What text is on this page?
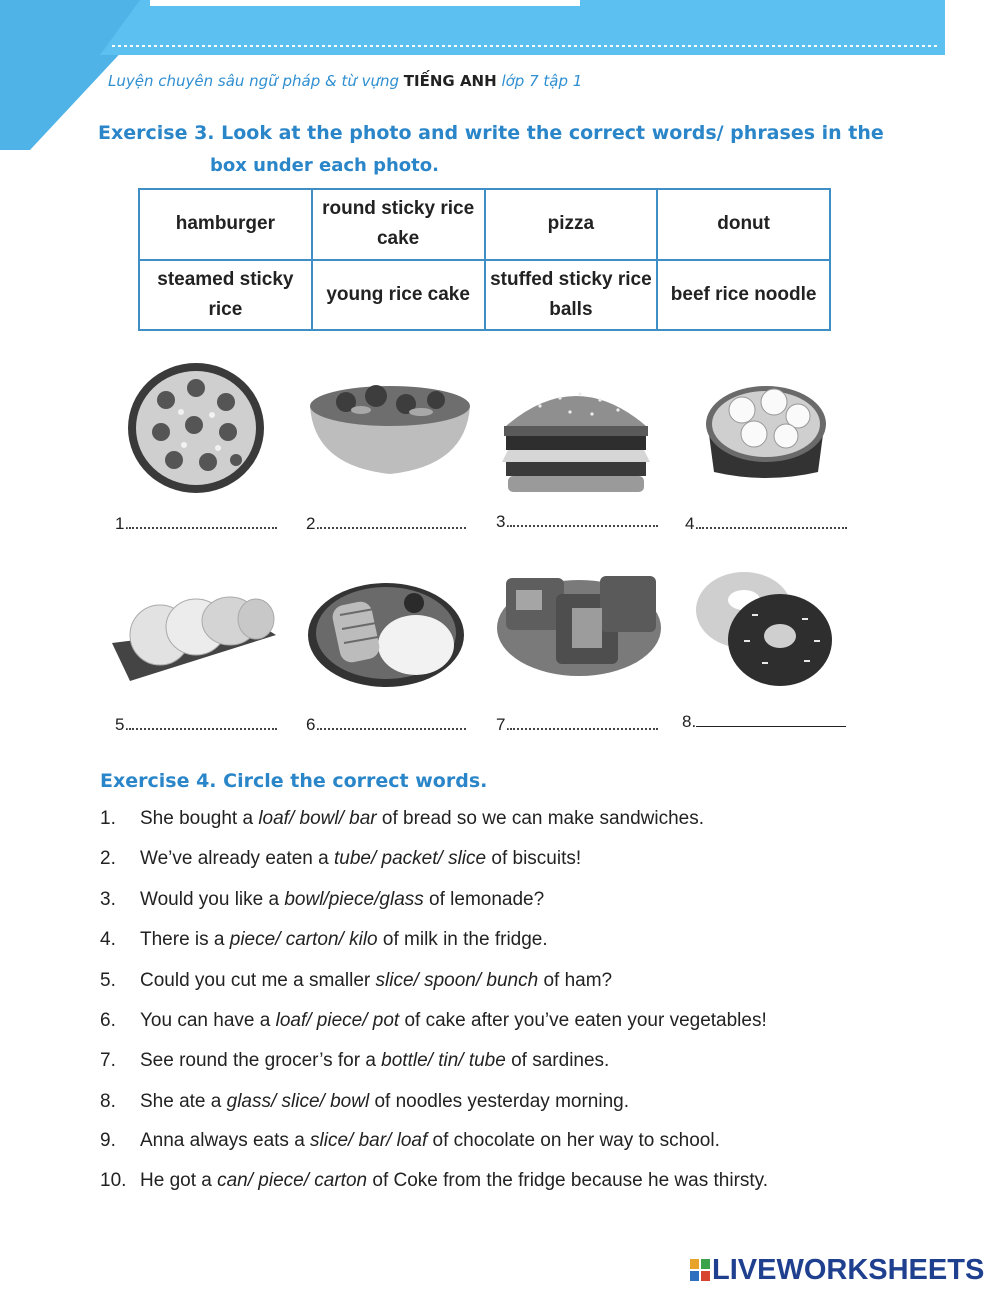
Luyện chuyên sâu ngữ pháp & từ vựng TIẾNG ANH lớp 7 tập 1
Exercise 3. Look at the photo and write the correct words/ phrases in the
box under each photo.
hamburger	round sticky rice cake	pizza	donut
steamed sticky rice	young rice cake	stuffed sticky rice balls	beef rice noodle
1.	2.	3.	4.
5.	6.	7.	8.
Exercise 4. Circle the correct words.
1. She bought a loaf/ bowl/ bar of bread so we can make sandwiches.
2. We’ve already eaten a tube/ packet/ slice of biscuits!
3. Would you like a bowl/piece/glass of lemonade?
4. There is a piece/ carton/ kilo of milk in the fridge.
5. Could you cut me a smaller slice/ spoon/ bunch of ham?
6. You can have a loaf/ piece/ pot of cake after you’ve eaten your vegetables!
7. See round the grocer’s for a bottle/ tin/ tube of sardines.
8. She ate a glass/ slice/ bowl of noodles yesterday morning.
9. Anna always eats a slice/ bar/ loaf of chocolate on her way to school.
10. He got a can/ piece/ carton of Coke from the fridge because he was thirsty.
LIVEWORKSHEETS
